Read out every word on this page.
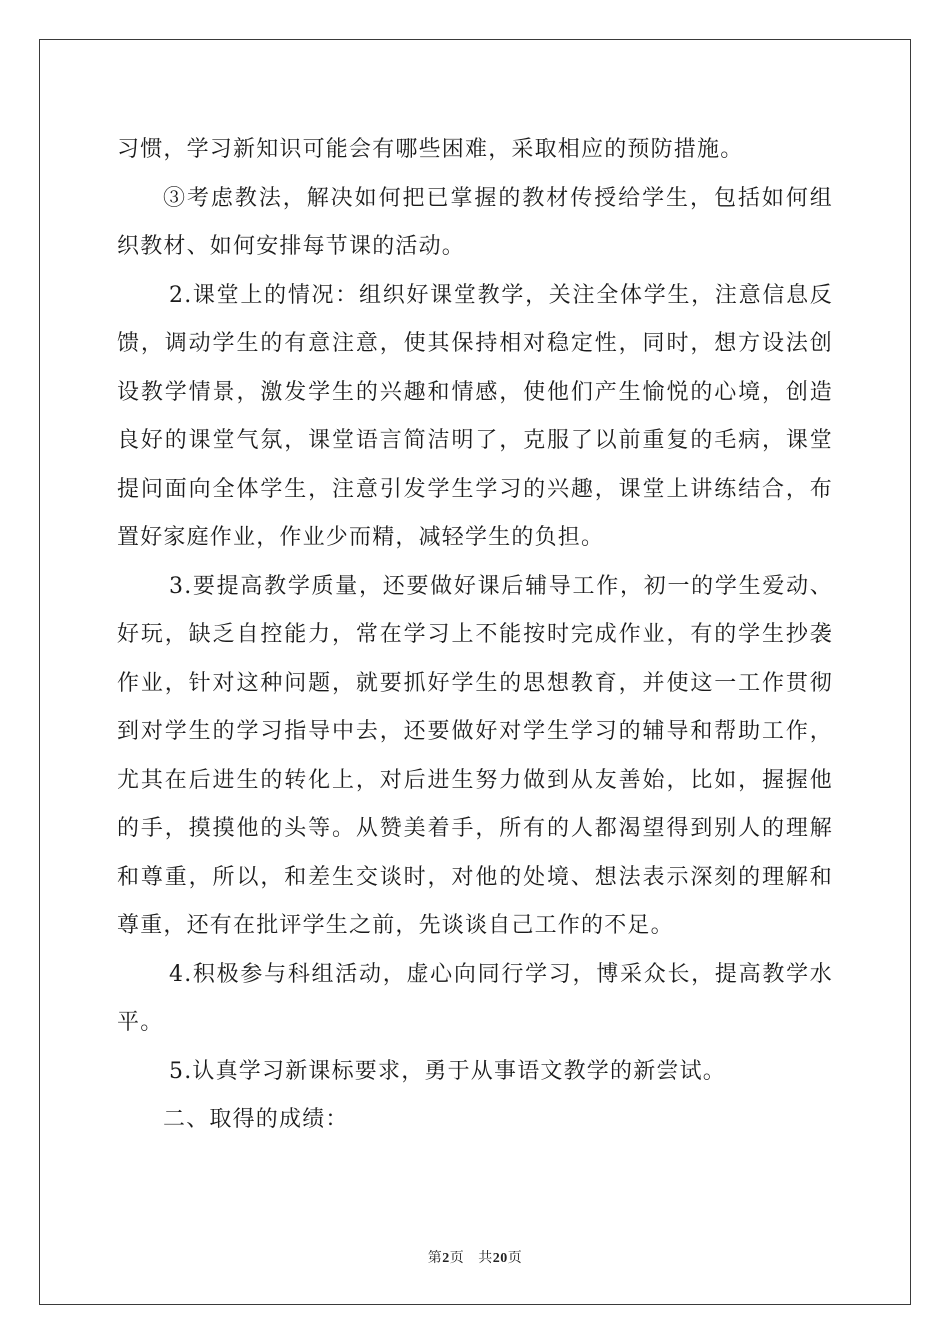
习惯，学习新知识可能会有哪些困难，采取相应的预防措施。

③考虑教法，解决如何把已掌握的教材传授给学生，包括如何组织教材、如何安排每节课的活动。

2.课堂上的情况：组织好课堂教学，关注全体学生，注意信息反馈，调动学生的有意注意，使其保持相对稳定性，同时，想方设法创设教学情景，激发学生的兴趣和情感，使他们产生愉悦的心境，创造良好的课堂气氛，课堂语言简洁明了，克服了以前重复的毛病，课堂提问面向全体学生，注意引发学生学习的兴趣，课堂上讲练结合，布置好家庭作业，作业少而精，减轻学生的负担。

3.要提高教学质量，还要做好课后辅导工作，初一的学生爱动、好玩，缺乏自控能力，常在学习上不能按时完成作业，有的学生抄袭作业，针对这种问题，就要抓好学生的思想教育，并使这一工作贯彻到对学生的学习指导中去，还要做好对学生学习的辅导和帮助工作，尤其在后进生的转化上，对后进生努力做到从友善始，比如，握握他的手，摸摸他的头等。从赞美着手，所有的人都渴望得到别人的理解和尊重，所以，和差生交谈时，对他的处境、想法表示深刻的理解和尊重，还有在批评学生之前，先谈谈自己工作的不足。

4.积极参与科组活动，虚心向同行学习，博采众长，提高教学水平。

5.认真学习新课标要求，勇于从事语文教学的新尝试。

二、取得的成绩：

第2页 共20页
